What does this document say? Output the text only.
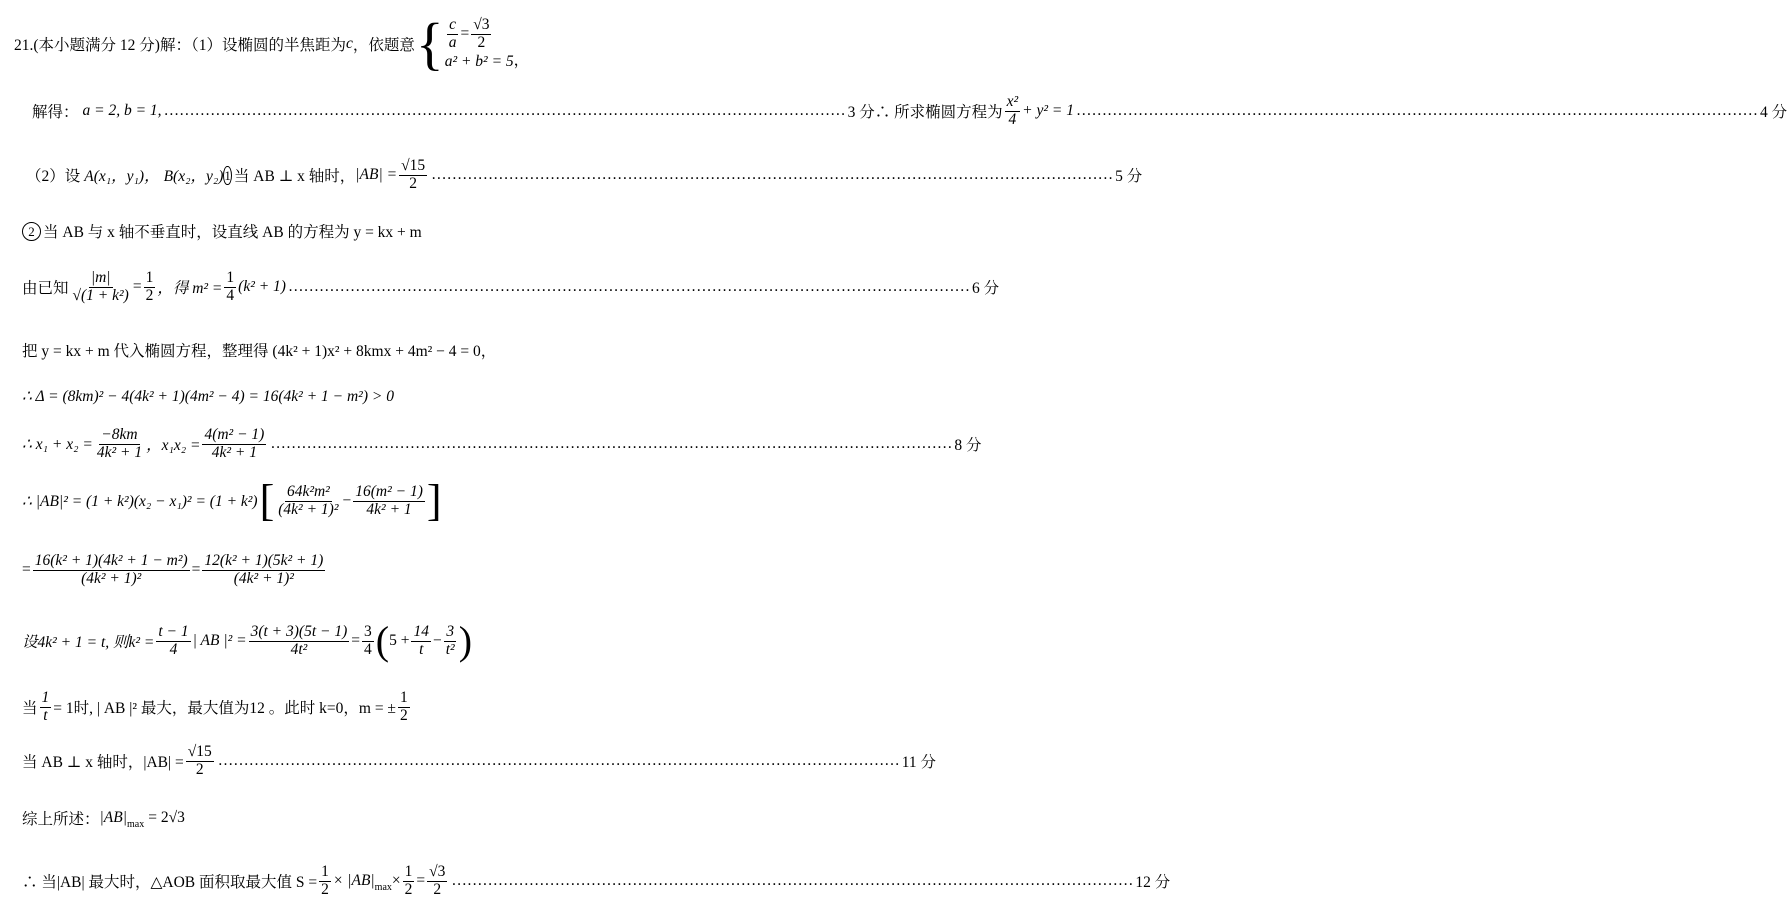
21.(本小题满分 12 分)解：（1）设椭圆的半焦距为 c ，依题意 { $\frac{c}{a} = \frac{√3}{2}$
a² + b² = 5 ，
解得： a = 2, b = 1, …………………………………………………………………………………………………………………… 3 分 ∴ 所求椭圆方程为 $\frac{\text{x²}}{4} + y^2 = 1$ …………………………………………………………………………………………………………………… 4 分
（2）设 A(x₁，y₁)， B(x₂，y₂) 1 当 AB ⊥ x 轴时， $|AB| = \frac{√15}{2}$ …………………………………………………………………………………………………………………… 5 分
2 当 AB 与 x 轴不垂直时，设直线 AB 的方程为 y = kx + m
由已知 $\frac{|m|}{\text{√(1 + k²)}} = \frac{1}{2}$ ，得 $m^2 = \frac{1}{4} (k^2 + 1)$ …………………………………………………………………………………………………………………… 6 分
把 y = kx + m 代入椭圆方程，整理得 (4k² + 1)x² + 8kmx + 4m² − 4 = 0，
∴ Δ = (8km)² − 4(4k² + 1)(4m² − 4) = 16(4k² + 1 − m²) > 0
∴ $x_1 + x_2 = \frac{-8km}{\text{4k² + 1}}$ ，$x_1x_2 = \frac{\text{4(m² − 1)}}{\text{4k² + 1}}$ …………………………………………………………………………………………………………………… 8 分
∴ |AB|² = (1 + k²)(x₂ − x₁)² = (1 + k²) [ $\frac{\text{64k²m²}}{\text{(4k² + 1)²}} - \frac{\text{16(m² − 1)}}{\text{4k² + 1}}$ ]
= $\frac{\text{16(k² + 1)(4k² + 1 − m²)}}{\text{(4k² + 1)²}} = \frac{\text{12(k² + 1)(5k² + 1)}}{\text{(4k² + 1)²}}$
设4k² + 1 = t, 则$k^2 = \frac{t - 1}{4}$ | AB $|^2 = \frac{3(t + 3)(5t - 1)}{\text{4t²}} = \frac{3}{4}$ ( $5 + \frac{14}{t} - \frac{3}{\text{t²}}$ )
当 $\frac{1}{t} = 1$时, | AB |² 最大，最大值为12 。此时 k=0，m = ± $\frac{1}{2}$
当 AB ⊥ x 轴时，$|AB| = \frac{√15}{2}$ …………………………………………………………………………………………………………………… 11 分
综上所述： |AB| max = 2√3
∴ 当|AB| 最大时，△AOB 面积取最大值 $S = \frac{1}{2} \times |AB|$ $\max \times \frac{1}{2} = \frac{√3}{2}$ …………………………………………………………………………………………………………………… 12 分
